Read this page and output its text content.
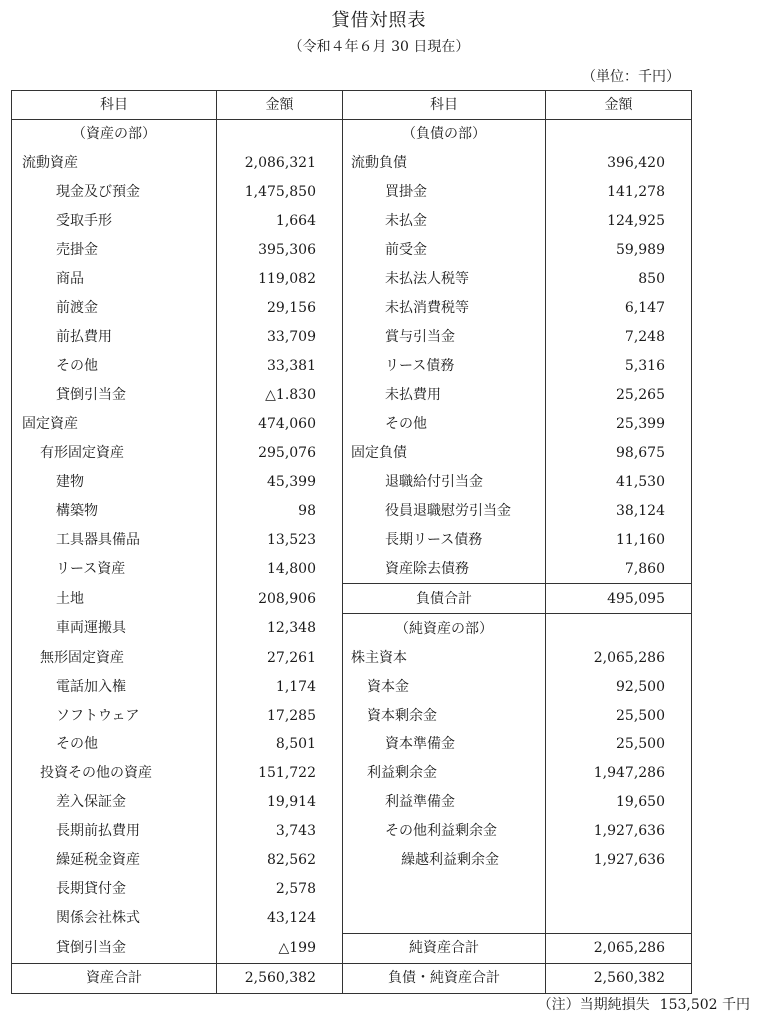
貸借対照表
（令和４年６月 30 日現在）
（単位：千円）
科目	金額	科目	金額
（資産の部）		（負債の部）	
流動資産	2,086,321	流動負債	396,420
現金及び預金	1,475,850	買掛金	141,278
受取手形	1,664	未払金	124,925
売掛金	395,306	前受金	59,989
商品	119,082	未払法人税等	850
前渡金	29,156	未払消費税等	6,147
前払費用	33,709	賞与引当金	7,248
その他	33,381	リース債務	5,316
貸倒引当金	△1.830	未払費用	25,265
固定資産	474,060	その他	25,399
有形固定資産	295,076	固定負債	98,675
建物	45,399	退職給付引当金	41,530
構築物	98	役員退職慰労引当金	38,124
工具器具備品	13,523	長期リース債務	11,160
リース資産	14,800	資産除去債務	7,860
土地	208,906	負債合計	495,095
車両運搬具	12,348	（純資産の部）	
無形固定資産	27,261	株主資本	2,065,286
電話加入権	1,174	資本金	92,500
ソフトウェア	17,285	資本剰余金	25,500
その他	8,501	資本準備金	25,500
投資その他の資産	151,722	利益剰余金	1,947,286
差入保証金	19,914	利益準備金	19,650
長期前払費用	3,743	その他利益剰余金	1,927,636
繰延税金資産	82,562	繰越利益剰余金	1,927,636
長期貸付金	2,578		
関係会社株式	43,124		
貸倒引当金	△199	純資産合計	2,065,286
資産合計	2,560,382	負債・純資産合計	2,560,382
（注）当期純損失 153,502 千円
